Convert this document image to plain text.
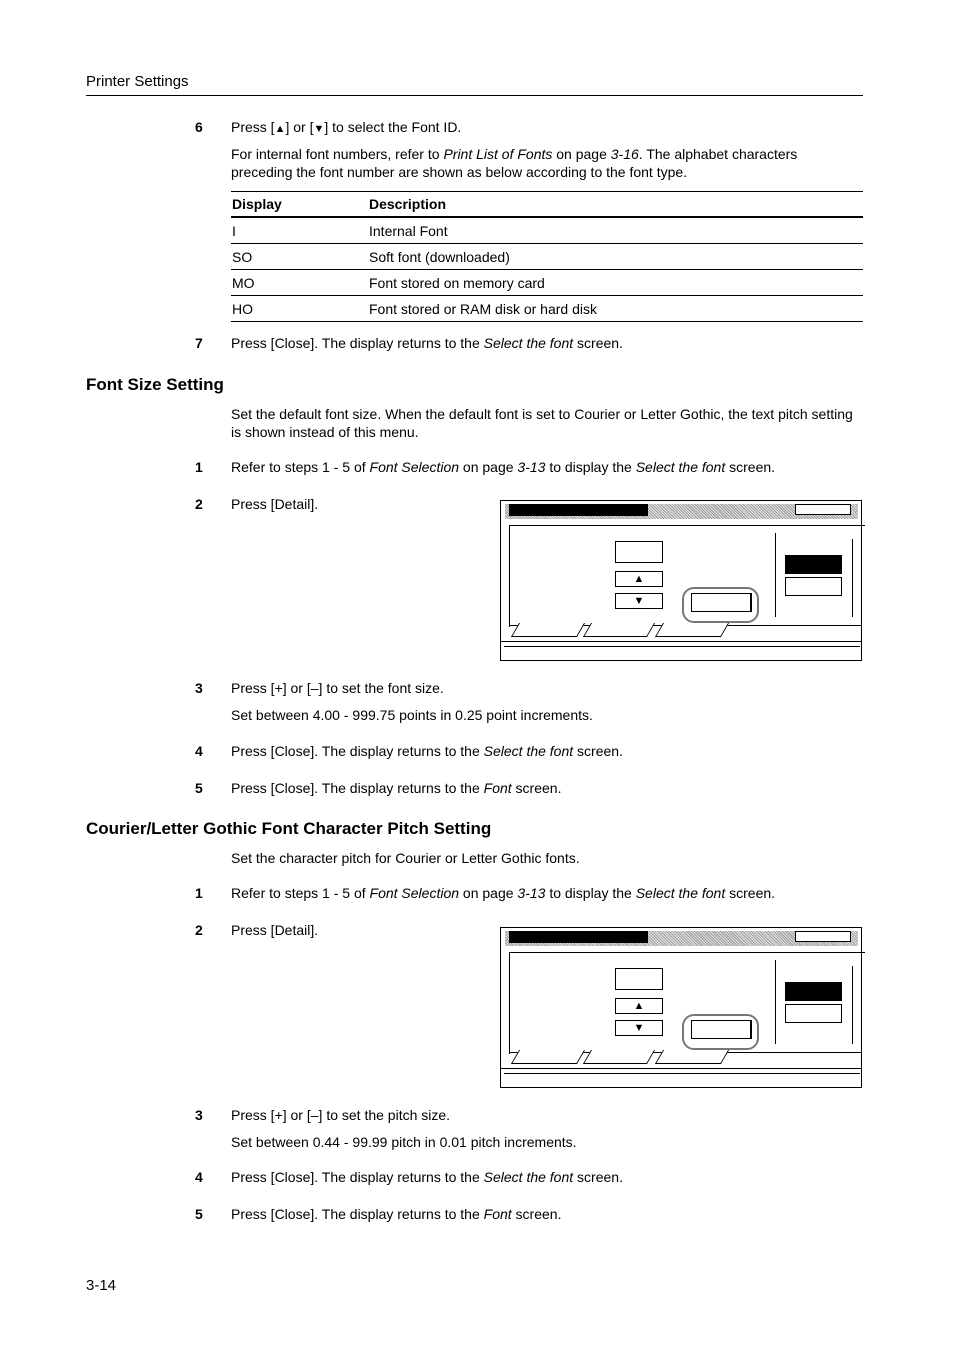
Printer Settings
6 Press [▲] or [▼] to select the Font ID.
For internal font numbers, refer to Print List of Fonts on page 3-16. The alphabet characters preceding the font number are shown as below according to the font type.
Display	Description
I	Internal Font
SO	Soft font (downloaded)
MO	Font stored on memory card
HO	Font stored or RAM disk or hard disk
7 Press [Close]. The display returns to the Select the font screen.
Font Size Setting
Set the default font size. When the default font is set to Courier or Letter Gothic, the text pitch setting is shown instead of this menu.
1 Refer to steps 1 - 5 of Font Selection on page 3-13 to display the Select the font screen.
2 Press [Detail].
▲
▼
3 Press [+] or [–] to set the font size.
Set between 4.00 - 999.75 points in 0.25 point increments.
4 Press [Close]. The display returns to the Select the font screen.
5 Press [Close]. The display returns to the Font screen.
Courier/Letter Gothic Font Character Pitch Setting
Set the character pitch for Courier or Letter Gothic fonts.
1 Refer to steps 1 - 5 of Font Selection on page 3-13 to display the Select the font screen.
2 Press [Detail].
▲
▼
3 Press [+] or [–] to set the pitch size.
Set between 0.44 - 99.99 pitch in 0.01 pitch increments.
4 Press [Close]. The display returns to the Select the font screen.
5 Press [Close]. The display returns to the Font screen.
3-14
